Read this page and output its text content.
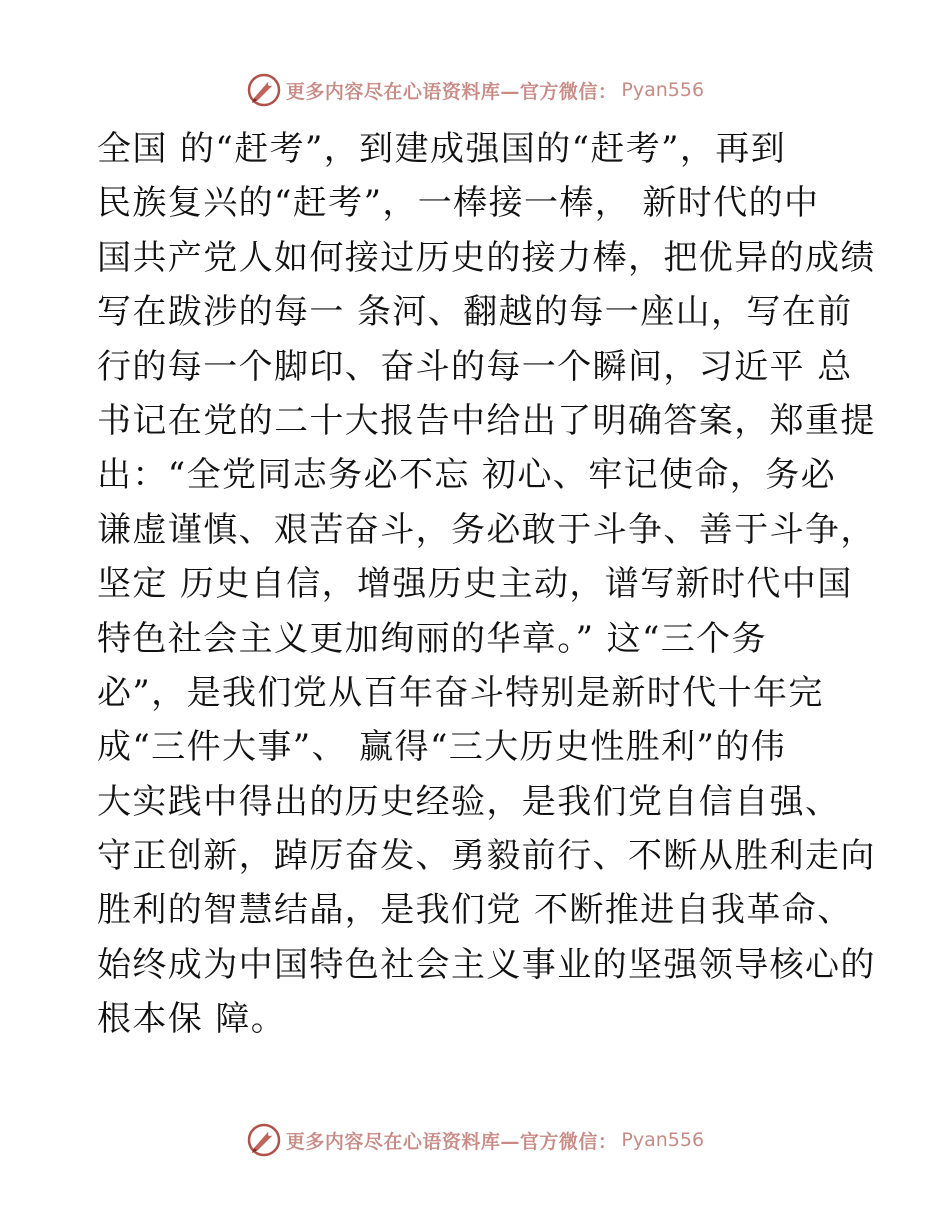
更多内容尽在心语资料库—官方微信： Pyan556
全国 的“赶考”，到建成强国的“赶考”，再到
民族复兴的“赶考”，一棒接一棒， 新时代的中
国共产党人如何接过历史的接力棒，把优异的成绩
写在跋涉的每一 条河、翻越的每一座山，写在前
行的每一个脚印、奋斗的每一个瞬间，习近平 总
书记在党的二十大报告中给出了明确答案，郑重提
出：“全党同志务必不忘 初心、牢记使命，务必
谦虚谨慎、艰苦奋斗，务必敢于斗争、善于斗争，
坚定 历史自信，增强历史主动，谱写新时代中国
特色社会主义更加绚丽的华章。” 这“三个务
必”，是我们党从百年奋斗特别是新时代十年完
成“三件大事”、 赢得“三大历史性胜利”的伟
大实践中得出的历史经验，是我们党自信自强、
守正创新，踔厉奋发、勇毅前行、不断从胜利走向
胜利的智慧结晶，是我们党 不断推进自我革命、
始终成为中国特色社会主义事业的坚强领导核心的
根本保 障。
更多内容尽在心语资料库—官方微信： Pyan556
